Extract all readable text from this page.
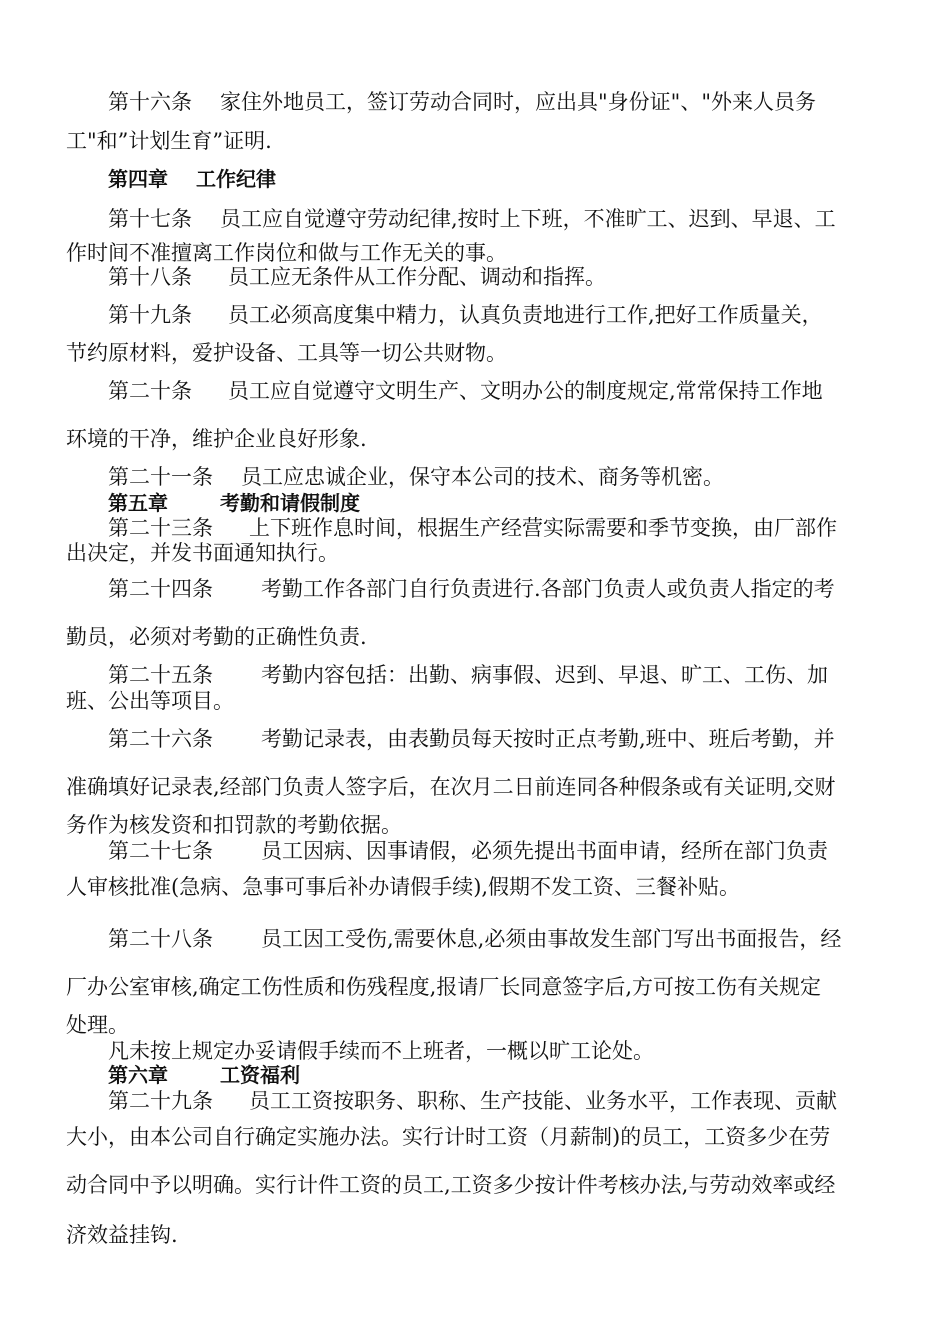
第十六条 家住外地员工，签订劳动合同时，应出具"身份证"、"外来人员务
工"和”计划生育”证明.
第四章 工作纪律
第十七条 员工应自觉遵守劳动纪律,按时上下班，不准旷工、迟到、早退、工
作时间不准擅离工作岗位和做与工作无关的事。
第十八条 员工应无条件从工作分配、调动和指挥。
第十九条 员工必须高度集中精力，认真负责地进行工作,把好工作质量关，
节约原材料，爱护设备、工具等一切公共财物。
第二十条 员工应自觉遵守文明生产、文明办公的制度规定,常常保持工作地
环境的干净，维护企业良好形象.
第二十一条 员工应忠诚企业，保守本公司的技术、商务等机密。
第五章	考勤和请假制度
第二十三条 上下班作息时间，根据生产经营实际需要和季节变换，由厂部作
出决定，并发书面通知执行。
第二十四条 考勤工作各部门自行负责进行.各部门负责人或负责人指定的考
勤员，必须对考勤的正确性负责.
第二十五条 考勤内容包括：出勤、病事假、迟到、早退、旷工、工伤、加
班、公出等项目。
第二十六条 考勤记录表，由表勤员每天按时正点考勤,班中、班后考勤，并
准确填好记录表,经部门负责人签字后，在次月二日前连同各种假条或有关证明,交财
务作为核发资和扣罚款的考勤依据。
第二十七条 员工因病、因事请假，必须先提出书面申请，经所在部门负责
人审核批准(急病、急事可事后补办请假手续),假期不发工资、三餐补贴。
第二十八条 员工因工受伤,需要休息,必须由事故发生部门写出书面报告，经
厂办公室审核,确定工伤性质和伤残程度,报请厂长同意签字后,方可按工伤有关规定
处理。
凡未按上规定办妥请假手续而不上班者，一概以旷工论处。
第六章	工资福利
第二十九条 员工工资按职务、职称、生产技能、业务水平，工作表现、贡献
大小，由本公司自行确定实施办法。实行计时工资（月薪制)的员工，工资多少在劳
动合同中予以明确。实行计件工资的员工,工资多少按计件考核办法,与劳动效率或经
济效益挂钩.
